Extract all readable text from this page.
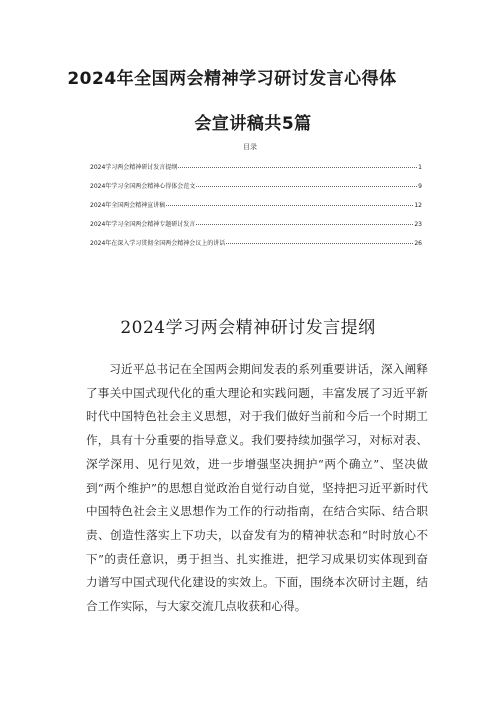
2024年全国两会精神学习研讨发言心得体
会宣讲稿共5篇
目录
2024学习两会精神研讨发言提纲	1
2024年学习全国两会精神心得体会范文	9
2024年全国两会精神宣讲稿	12
2024年学习全国两会精神专题研讨发言	23
2024年在深入学习贯彻全国两会精神会议上的讲话	26
2024学习两会精神研讨发言提纲

习近平总书记在全国两会期间发表的系列重要讲话，深入阐释了事关中国式现代化的重大理论和实践问题，丰富发展了习近平新时代中国特色社会主义思想，对于我们做好当前和今后一个时期工作，具有十分重要的指导意义。我们要持续加强学习，对标对表、深学深用、见行见效，进一步增强坚决拥护“两个确立”、坚决做到“两个维护”的思想自觉政治自觉行动自觉，坚持把习近平新时代中国特色社会主义思想作为工作的行动指南，在结合实际、结合职责、创造性落实上下功夫，以奋发有为的精神状态和“时时放心不下”的责任意识，勇于担当、扎实推进，把学习成果切实体现到奋力谱写中国式现代化建设的实效上。下面，围绕本次研讨主题，结合工作实际，与大家交流几点收获和心得。
